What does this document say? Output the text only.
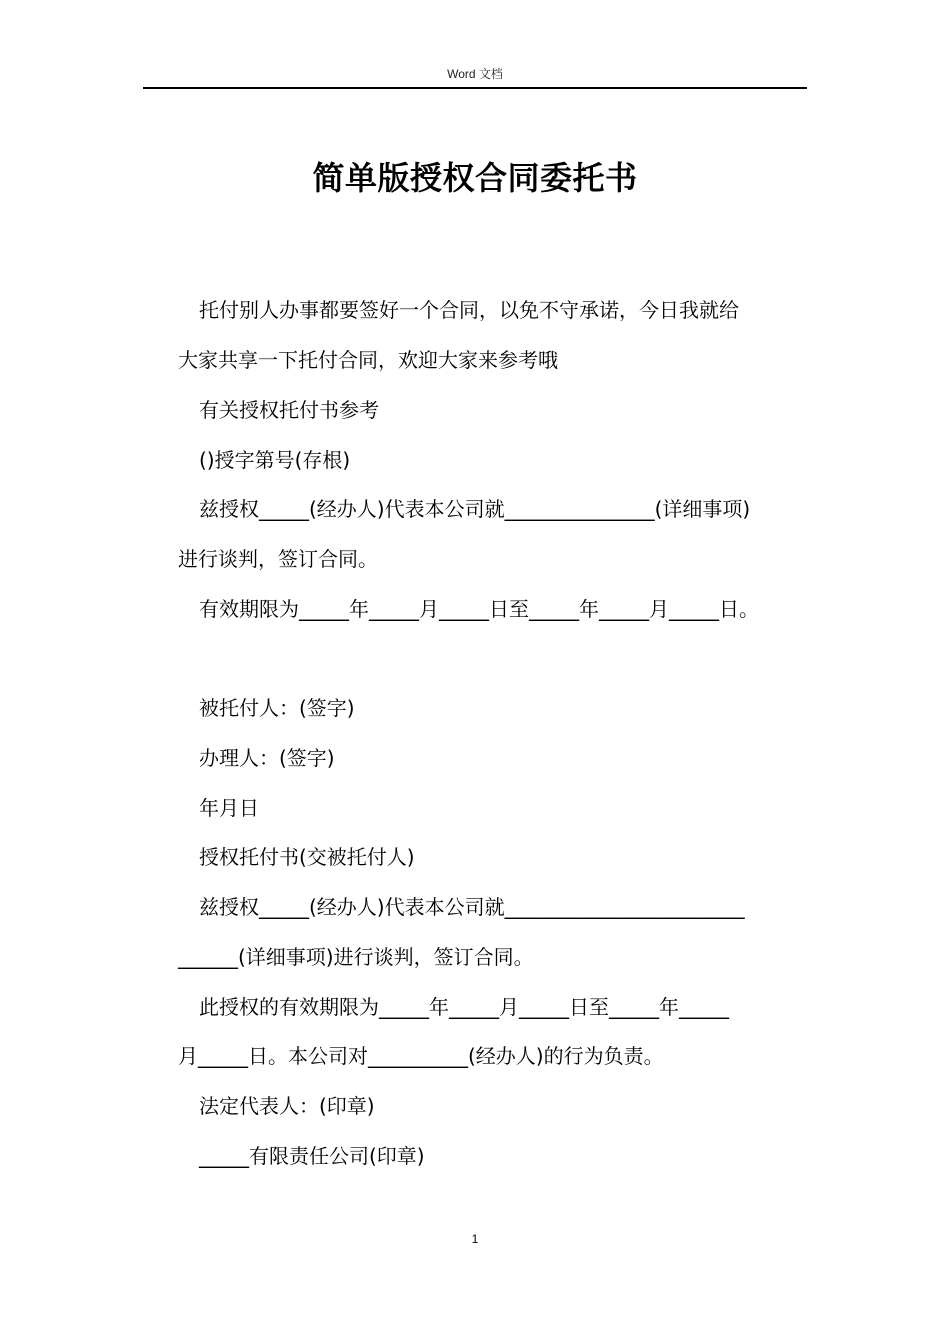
Word 文档
简单版授权合同委托书
托付别人办事都要签好一个合同，以免不守承诺，今日我就给
大家共享一下托付合同，欢迎大家来参考哦
有关授权托付书参考
()授字第号(存根)
兹授权_____(经办人)代表本公司就_______________(详细事项)
进行谈判，签订合同。
有效期限为_____年_____月_____日至_____年_____月_____日。
被托付人：(签字)
办理人：(签字)
年月日
授权托付书(交被托付人)
兹授权_____(经办人)代表本公司就________________________
______(详细事项)进行谈判，签订合同。
此授权的有效期限为_____年_____月_____日至_____年_____
月_____日。本公司对__________(经办人)的行为负责。
法定代表人：(印章)
_____有限责任公司(印章)
1
